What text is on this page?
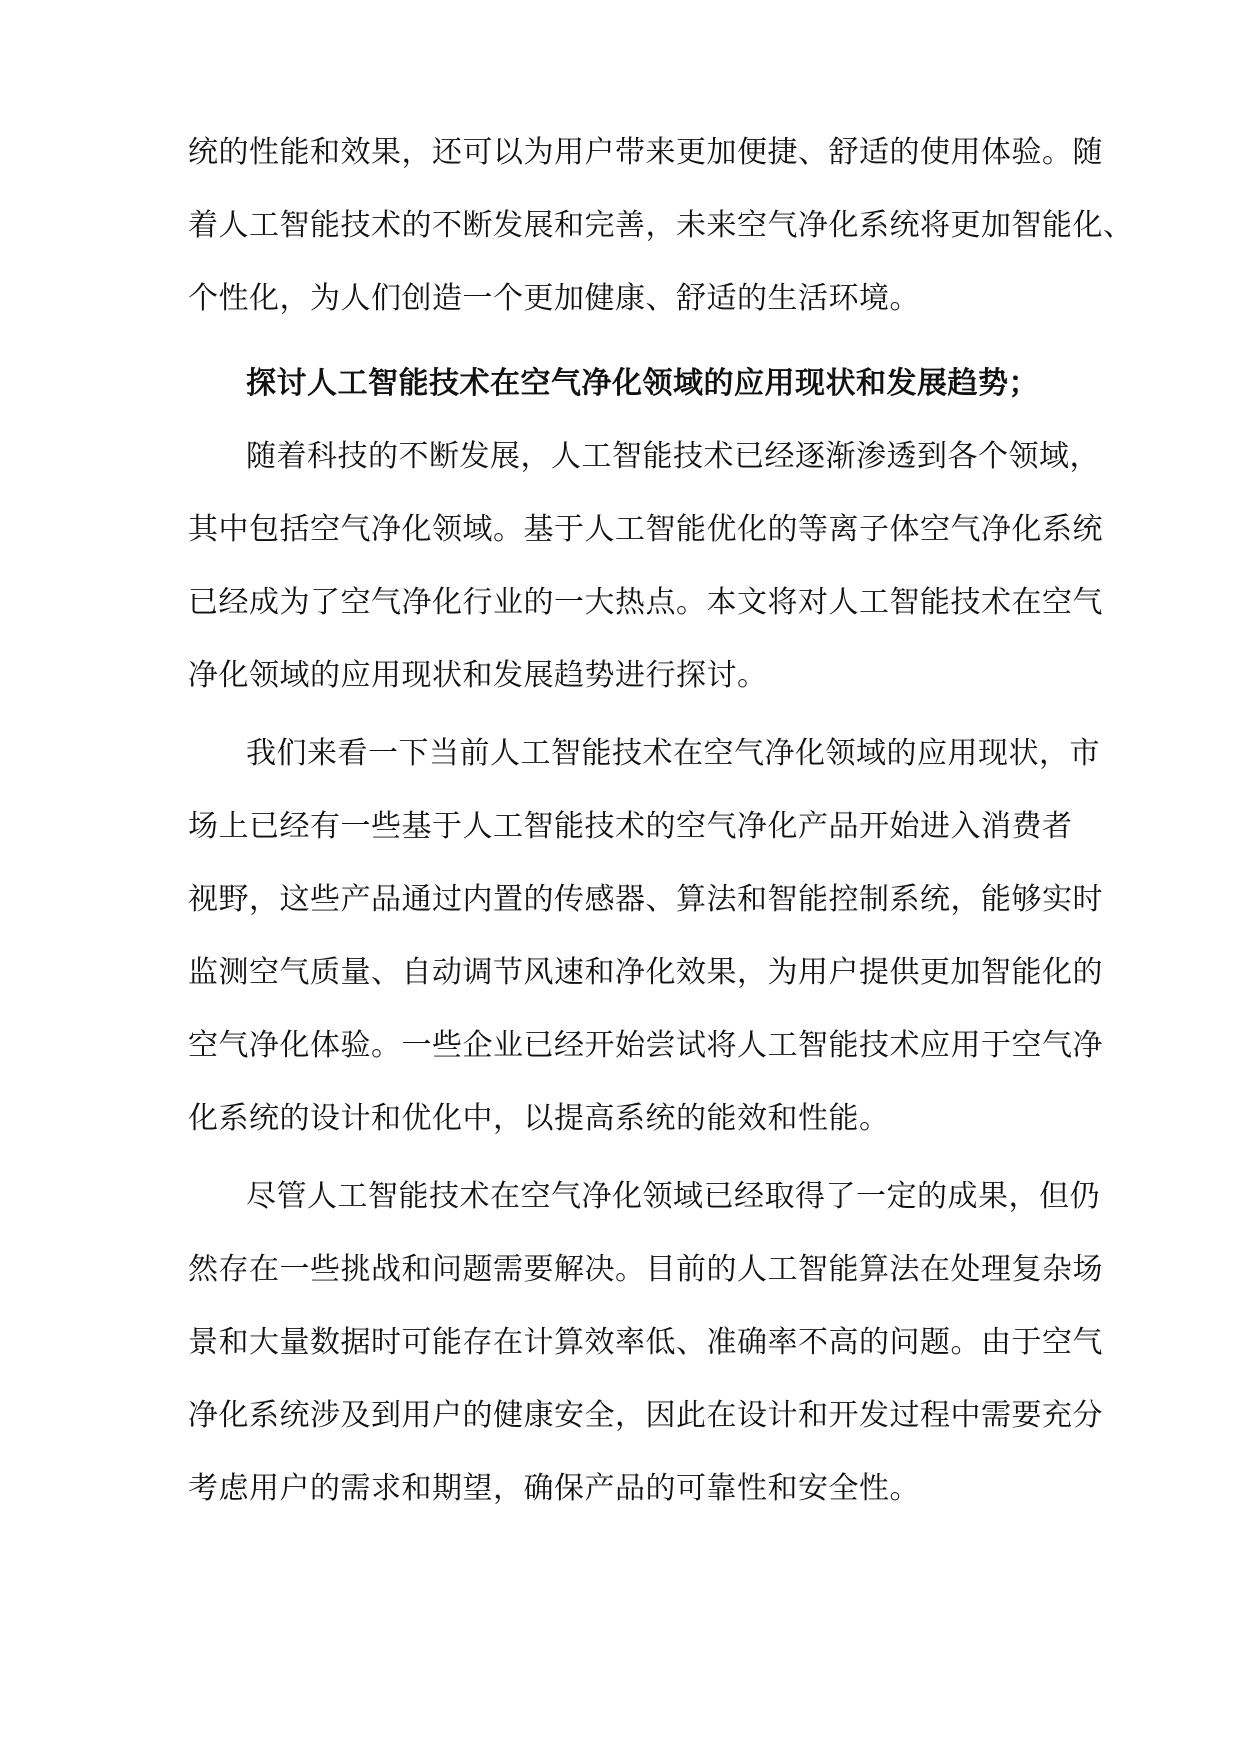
统的性能和效果，还可以为用户带来更加便捷、舒适的使用体验。随
着人工智能技术的不断发展和完善，未来空气净化系统将更加智能化、
个性化，为人们创造一个更加健康、舒适的生活环境。
探讨人工智能技术在空气净化领域的应用现状和发展趋势；
随着科技的不断发展，人工智能技术已经逐渐渗透到各个领域，
其中包括空气净化领域。基于人工智能优化的等离子体空气净化系统
已经成为了空气净化行业的一大热点。本文将对人工智能技术在空气
净化领域的应用现状和发展趋势进行探讨。
我们来看一下当前人工智能技术在空气净化领域的应用现状，市
场上已经有一些基于人工智能技术的空气净化产品开始进入消费者
视野，这些产品通过内置的传感器、算法和智能控制系统，能够实时
监测空气质量、自动调节风速和净化效果，为用户提供更加智能化的
空气净化体验。一些企业已经开始尝试将人工智能技术应用于空气净
化系统的设计和优化中，以提高系统的能效和性能。
尽管人工智能技术在空气净化领域已经取得了一定的成果，但仍
然存在一些挑战和问题需要解决。目前的人工智能算法在处理复杂场
景和大量数据时可能存在计算效率低、准确率不高的问题。由于空气
净化系统涉及到用户的健康安全，因此在设计和开发过程中需要充分
考虑用户的需求和期望，确保产品的可靠性和安全性。
